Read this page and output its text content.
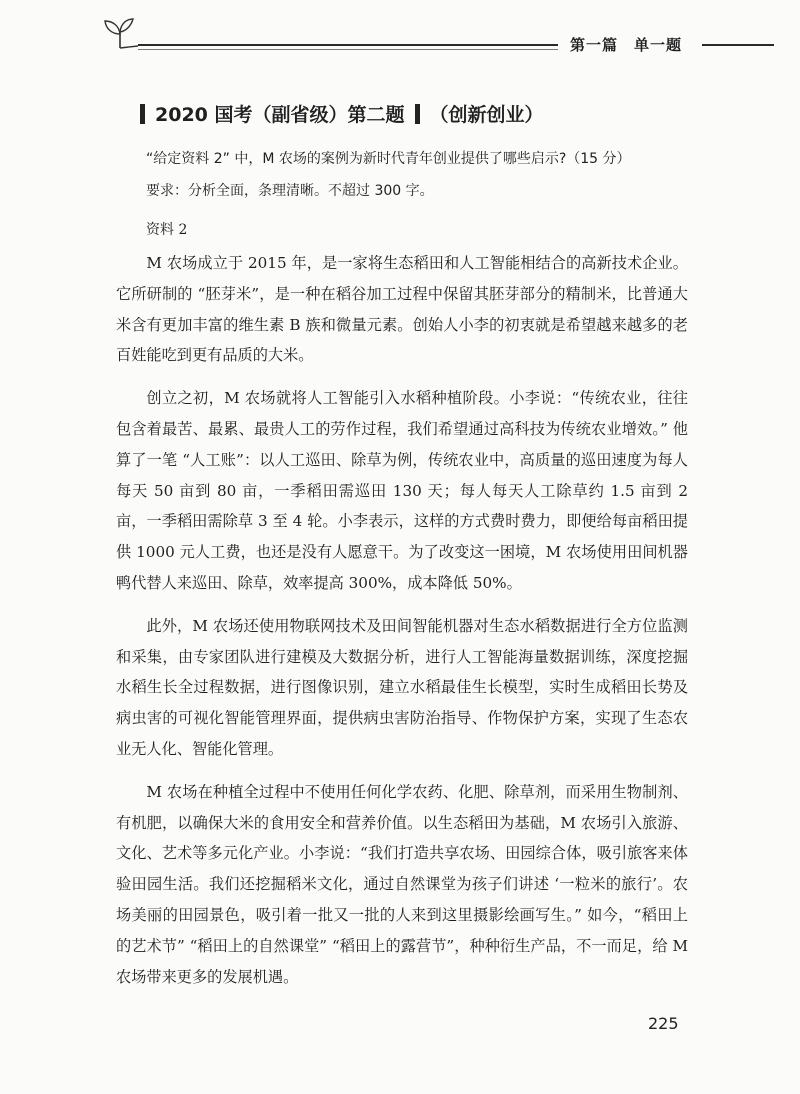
第一篇 单一题
2020 国考（副省级）第二题 （创新创业）
“给定资料 2” 中，M 农场的案例为新时代青年创业提供了哪些启示?（15 分）
要求：分析全面，条理清晰。不超过 300 字。
资料 2

M 农场成立于 2015 年，是一家将生态稻田和人工智能相结合的高新技术企业。它所研制的 “胚芽米”，是一种在稻谷加工过程中保留其胚芽部分的精制米，比普通大米含有更加丰富的维生素 B 族和微量元素。创始人小李的初衷就是希望越来越多的老百姓能吃到更有品质的大米。

创立之初，M 农场就将人工智能引入水稻种植阶段。小李说：“传统农业，往往包含着最苦、最累、最贵人工的劳作过程，我们希望通过高科技为传统农业增效。” 他算了一笔 “人工账”：以人工巡田、除草为例，传统农业中，高质量的巡田速度为每人每天 50 亩到 80 亩，一季稻田需巡田 130 天；每人每天人工除草约 1.5 亩到 2 亩，一季稻田需除草 3 至 4 轮。小李表示，这样的方式费时费力，即便给每亩稻田提供 1000 元人工费，也还是没有人愿意干。为了改变这一困境，M 农场使用田间机器鸭代替人来巡田、除草，效率提高 300%，成本降低 50%。

此外，M 农场还使用物联网技术及田间智能机器对生态水稻数据进行全方位监测和采集，由专家团队进行建模及大数据分析，进行人工智能海量数据训练，深度挖掘水稻生长全过程数据，进行图像识别，建立水稻最佳生长模型，实时生成稻田长势及病虫害的可视化智能管理界面，提供病虫害防治指导、作物保护方案，实现了生态农业无人化、智能化管理。

M 农场在种植全过程中不使用任何化学农药、化肥、除草剂，而采用生物制剂、有机肥，以确保大米的食用安全和营养价值。以生态稻田为基础，M 农场引入旅游、文化、艺术等多元化产业。小李说：“我们打造共享农场、田园综合体，吸引旅客来体验田园生活。我们还挖掘稻米文化，通过自然课堂为孩子们讲述 ‘一粒米的旅行’。农场美丽的田园景色，吸引着一批又一批的人来到这里摄影绘画写生。” 如今，“稻田上的艺术节” “稻田上的自然课堂” “稻田上的露营节”，种种衍生产品，不一而足，给 M 农场带来更多的发展机遇。

225
